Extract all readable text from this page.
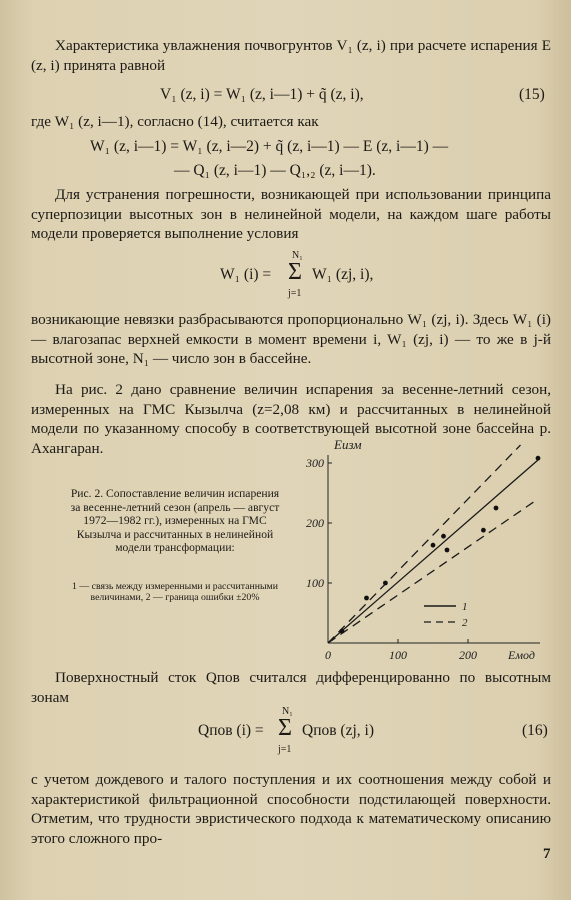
Характеристика увлажнения почвогрунтов V₁ (z, i) при расчете испарения E (z, i) принята равной

V₁ (z, i) = W₁ (z, i—1) + q̃ (z, i),	(15)

где W₁ (z, i—1), согласно (14), считается как

W₁ (z, i—1) = W₁ (z, i—2) + q̃ (z, i—1) — E (z, i—1) —
— Q₁ (z, i—1) — Q₁,₂ (z, i—1).

Для устранения погрешности, возникающей при использовании принципа суперпозиции высотных зон в нелинейной модели, на каждом шаге работы модели проверяется выполнение условия

W₁ (i) =
N₁
Σ
j=1
W₁ (zj, i),

возникающие невязки разбрасываются пропорционально W₁ (zj, i). Здесь W₁ (i) — влагозапас верхней емкости в момент времени i, W₁ (zj, i) — то же в j-й высотной зоне, N₁ — число зон в бассейне.

На рис. 2 дано сравнение величин испарения за весенне-летний сезон, измеренных на ГМС Кызылча (z=2,08 км) и рассчитанных в нелинейной модели по указанному способу в соответствующей высотной зоне бассейна р. Ахангаран.

Рис. 2. Сопоставление величин испарения за весенне-летний сезон (апрель — август 1972—1982 гг.), измеренных на ГМС Кызылча и рассчитанных в нелинейной модели трансформации:
1 — связь между измеренными и рассчитанными величинами, 2 — граница ошибки ±20%
0	100	200
100
200
300
Eизм
Eмод
1
2

Поверхностный сток Qпов считался дифференцированно по высотным зонам

Qпов (i) =
N₁
Σ
j=1
Qпов (zj, i)	(16)

с учетом дождевого и талого поступления и их соотношения между собой и характеристикой фильтрационной способности подстилающей поверхности. Отметим, что трудности эвристического подхода к математическому описанию этого сложного про-

7
